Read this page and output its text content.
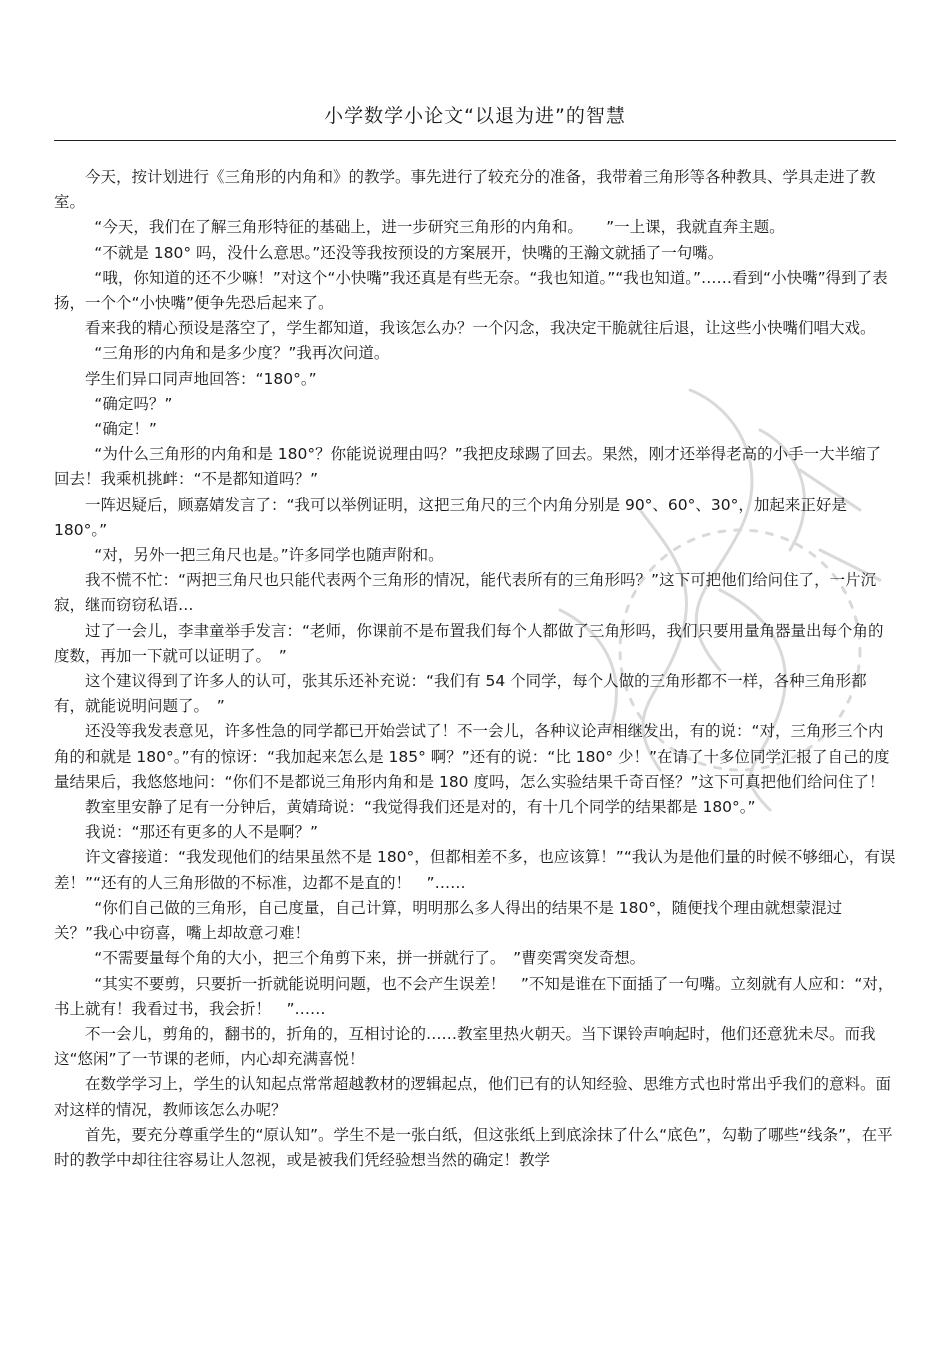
小学数学小论文“以退为进”的智慧

今天，按计划进行《三角形的内角和》的教学。事先进行了较充分的准备，我带着三角形等各种教具、学具走进了教室。

“今天，我们在了解三角形特征的基础上，进一步研究三角形的内角和。　　”一上课，我就直奔主题。

“不就是 180° 吗，没什么意思。”还没等我按预设的方案展开，快嘴的王瀚文就插了一句嘴。

“哦，你知道的还不少嘛！”对这个“小快嘴”我还真是有些无奈。“我也知道。”“我也知道。”……看到“小快嘴”得到了表扬，一个个“小快嘴”便争先恐后起来了。

看来我的精心预设是落空了，学生都知道，我该怎么办？一个闪念，我决定干脆就往后退，让这些小快嘴们唱大戏。

“三角形的内角和是多少度？”我再次问道。

学生们异口同声地回答：“180°。”

“确定吗？”

“确定！”

“为什么三角形的内角和是 180°？你能说说理由吗？”我把皮球踢了回去。果然，刚才还举得老高的小手一大半缩了回去！我乘机挑衅：“不是都知道吗？”

一阵迟疑后，顾嘉婧发言了：“我可以举例证明，这把三角尺的三个内角分别是 90°、60°、30°，加起来正好是 180°。”

“对，另外一把三角尺也是。”许多同学也随声附和。

我不慌不忙：“两把三角尺也只能代表两个三角形的情况，能代表所有的三角形吗？”这下可把他们给问住了，一片沉寂，继而窃窃私语…

过了一会儿，李聿童举手发言：“老师，你课前不是布置我们每个人都做了三角形吗，我们只要用量角器量出每个角的度数，再加一下就可以证明了。　”

这个建议得到了许多人的认可，张其乐还补充说：“我们有 54 个同学，每个人做的三角形都不一样，各种三角形都有，就能说明问题了。　”

还没等我发表意见，许多性急的同学都已开始尝试了！不一会儿，各种议论声相继发出，有的说：“对，三角形三个内角的和就是 180°。”有的惊讶：“我加起来怎么是 185° 啊？”还有的说：“比 180° 少！”在请了十多位同学汇报了自己的度量结果后，我悠悠地问：“你们不是都说三角形内角和是 180 度吗，怎么实验结果千奇百怪？”这下可真把他们给问住了！

教室里安静了足有一分钟后，黄婧琦说：“我觉得我们还是对的，有十几个同学的结果都是 180°。”

我说：“那还有更多的人不是啊？”

许文睿接道：“我发现他们的结果虽然不是 180°，但都相差不多，也应该算！”“我认为是他们量的时候不够细心，有误差！”“还有的人三角形做的不标准，边都不是直的！　”……

“你们自己做的三角形，自己度量，自己计算，明明那么多人得出的结果不是 180°，随便找个理由就想蒙混过关？”我心中窃喜，嘴上却故意刁难！

“不需要量每个角的大小，把三个角剪下来，拼一拼就行了。　”曹奕霄突发奇想。

“其实不要剪，只要折一折就能说明问题，也不会产生误差！　”不知是谁在下面插了一句嘴。立刻就有人应和：“对，书上就有！我看过书，我会折！　”……

不一会儿，剪角的，翻书的，折角的，互相讨论的……教室里热火朝天。当下课铃声响起时，他们还意犹未尽。而我这“悠闲”了一节课的老师，内心却充满喜悦！

在数学学习上，学生的认知起点常常超越教材的逻辑起点，他们已有的认知经验、思维方式也时常出乎我们的意料。面对这样的情况，教师该怎么办呢？

首先，要充分尊重学生的“原认知”。学生不是一张白纸，但这张纸上到底涂抹了什么“底色”，勾勒了哪些“线条”，在平时的教学中却往往容易让人忽视，或是被我们凭经验想当然的确定！教学
